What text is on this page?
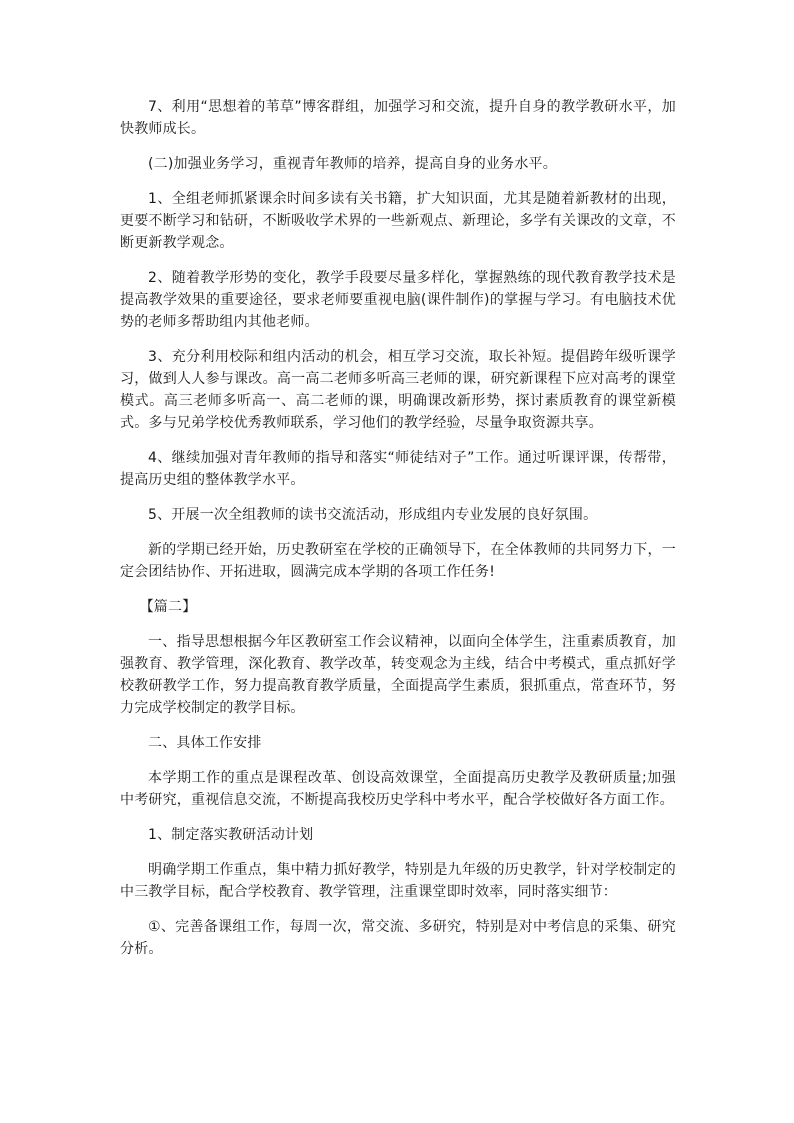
7、利用“思想着的苇草”博客群组，加强学习和交流，提升自身的教学教研水平，加快教师成长。

(二)加强业务学习，重视青年教师的培养，提高自身的业务水平。

1、全组老师抓紧课余时间多读有关书籍，扩大知识面，尤其是随着新教材的出现，更要不断学习和钻研，不断吸收学术界的一些新观点、新理论，多学有关课改的文章，不断更新教学观念。

2、随着教学形势的变化，教学手段要尽量多样化，掌握熟练的现代教育教学技术是提高教学效果的重要途径，要求老师要重视电脑(课件制作)的掌握与学习。有电脑技术优势的老师多帮助组内其他老师。

3、充分利用校际和组内活动的机会，相互学习交流，取长补短。提倡跨年级听课学习，做到人人参与课改。高一高二老师多听高三老师的课，研究新课程下应对高考的课堂模式。高三老师多听高一、高二老师的课，明确课改新形势，探讨素质教育的课堂新模式。多与兄弟学校优秀教师联系，学习他们的教学经验，尽量争取资源共享。

4、继续加强对青年教师的指导和落实“师徒结对子”工作。通过听课评课，传帮带，提高历史组的整体教学水平。

5、开展一次全组教师的读书交流活动，形成组内专业发展的良好氛围。

新的学期已经开始，历史教研室在学校的正确领导下，在全体教师的共同努力下，一定会团结协作、开拓进取，圆满完成本学期的各项工作任务!

【篇二】

一、指导思想根据今年区教研室工作会议精神，以面向全体学生，注重素质教育，加强教育、教学管理，深化教育、教学改革，转变观念为主线，结合中考模式，重点抓好学校教研教学工作，努力提高教育教学质量，全面提高学生素质，狠抓重点，常查环节，努力完成学校制定的教学目标。

二、具体工作安排

本学期工作的重点是课程改革、创设高效课堂，全面提高历史教学及教研质量;加强中考研究，重视信息交流，不断提高我校历史学科中考水平，配合学校做好各方面工作。

1、制定落实教研活动计划

明确学期工作重点，集中精力抓好教学，特别是九年级的历史教学，针对学校制定的中三教学目标，配合学校教育、教学管理，注重课堂即时效率，同时落实细节：

①、完善备课组工作，每周一次，常交流、多研究，特别是对中考信息的采集、研究分析。
